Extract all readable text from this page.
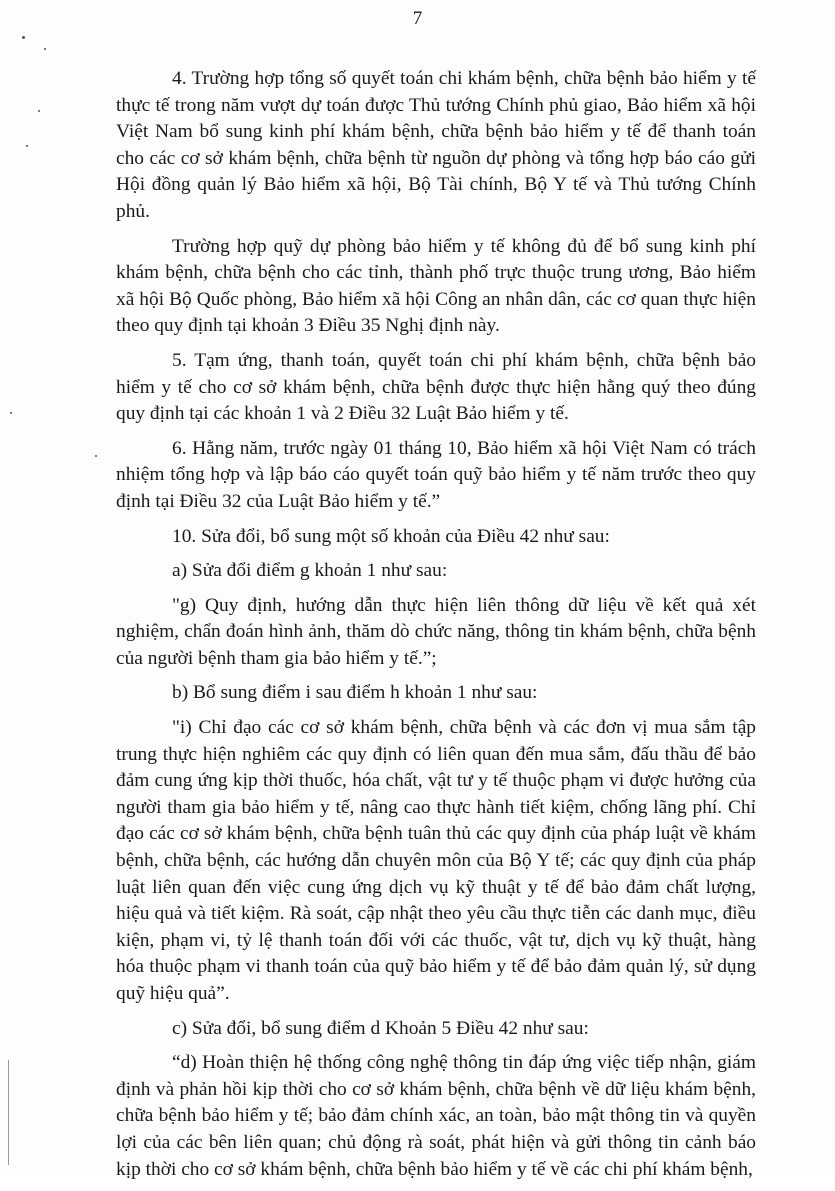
7

4. Trường hợp tổng số quyết toán chi khám bệnh, chữa bệnh bảo hiểm y tế thực tế trong năm vượt dự toán được Thủ tướng Chính phủ giao, Bảo hiểm xã hội Việt Nam bổ sung kinh phí khám bệnh, chữa bệnh bảo hiểm y tế để thanh toán cho các cơ sở khám bệnh, chữa bệnh từ nguồn dự phòng và tổng hợp báo cáo gửi Hội đồng quản lý Bảo hiểm xã hội, Bộ Tài chính, Bộ Y tế và Thủ tướng Chính phủ.

Trường hợp quỹ dự phòng bảo hiểm y tế không đủ để bổ sung kinh phí khám bệnh, chữa bệnh cho các tỉnh, thành phố trực thuộc trung ương, Bảo hiểm xã hội Bộ Quốc phòng, Bảo hiểm xã hội Công an nhân dân, các cơ quan thực hiện theo quy định tại khoản 3 Điều 35 Nghị định này.

5. Tạm ứng, thanh toán, quyết toán chi phí khám bệnh, chữa bệnh bảo hiểm y tế cho cơ sở khám bệnh, chữa bệnh được thực hiện hằng quý theo đúng quy định tại các khoản 1 và 2 Điều 32 Luật Bảo hiểm y tế.

6. Hằng năm, trước ngày 01 tháng 10, Bảo hiểm xã hội Việt Nam có trách nhiệm tổng hợp và lập báo cáo quyết toán quỹ bảo hiểm y tế năm trước theo quy định tại Điều 32 của Luật Bảo hiểm y tế.”

10. Sửa đổi, bổ sung một số khoản của Điều 42 như sau:

a) Sửa đổi điểm g khoản 1 như sau:

"g) Quy định, hướng dẫn thực hiện liên thông dữ liệu về kết quả xét nghiệm, chẩn đoán hình ảnh, thăm dò chức năng, thông tin khám bệnh, chữa bệnh của người bệnh tham gia bảo hiểm y tế.”;

b) Bổ sung điểm i sau điểm h khoản 1 như sau:

"i) Chỉ đạo các cơ sở khám bệnh, chữa bệnh và các đơn vị mua sắm tập trung thực hiện nghiêm các quy định có liên quan đến mua sắm, đấu thầu để bảo đảm cung ứng kịp thời thuốc, hóa chất, vật tư y tế thuộc phạm vi được hưởng của người tham gia bảo hiểm y tế, nâng cao thực hành tiết kiệm, chống lãng phí. Chỉ đạo các cơ sở khám bệnh, chữa bệnh tuân thủ các quy định của pháp luật về khám bệnh, chữa bệnh, các hướng dẫn chuyên môn của Bộ Y tế; các quy định của pháp luật liên quan đến việc cung ứng dịch vụ kỹ thuật y tế để bảo đảm chất lượng, hiệu quả và tiết kiệm. Rà soát, cập nhật theo yêu cầu thực tiễn các danh mục, điều kiện, phạm vi, tỷ lệ thanh toán đối với các thuốc, vật tư, dịch vụ kỹ thuật, hàng hóa thuộc phạm vi thanh toán của quỹ bảo hiểm y tế để bảo đảm quản lý, sử dụng quỹ hiệu quả”.

c) Sửa đổi, bổ sung điểm d Khoản 5 Điều 42 như sau:

“d) Hoàn thiện hệ thống công nghệ thông tin đáp ứng việc tiếp nhận, giám định và phản hồi kịp thời cho cơ sở khám bệnh, chữa bệnh về dữ liệu khám bệnh, chữa bệnh bảo hiểm y tế; bảo đảm chính xác, an toàn, bảo mật thông tin và quyền lợi của các bên liên quan; chủ động rà soát, phát hiện và gửi thông tin cảnh báo kịp thời cho cơ sở khám bệnh, chữa bệnh bảo hiểm y tế về các chi phí khám bệnh,
